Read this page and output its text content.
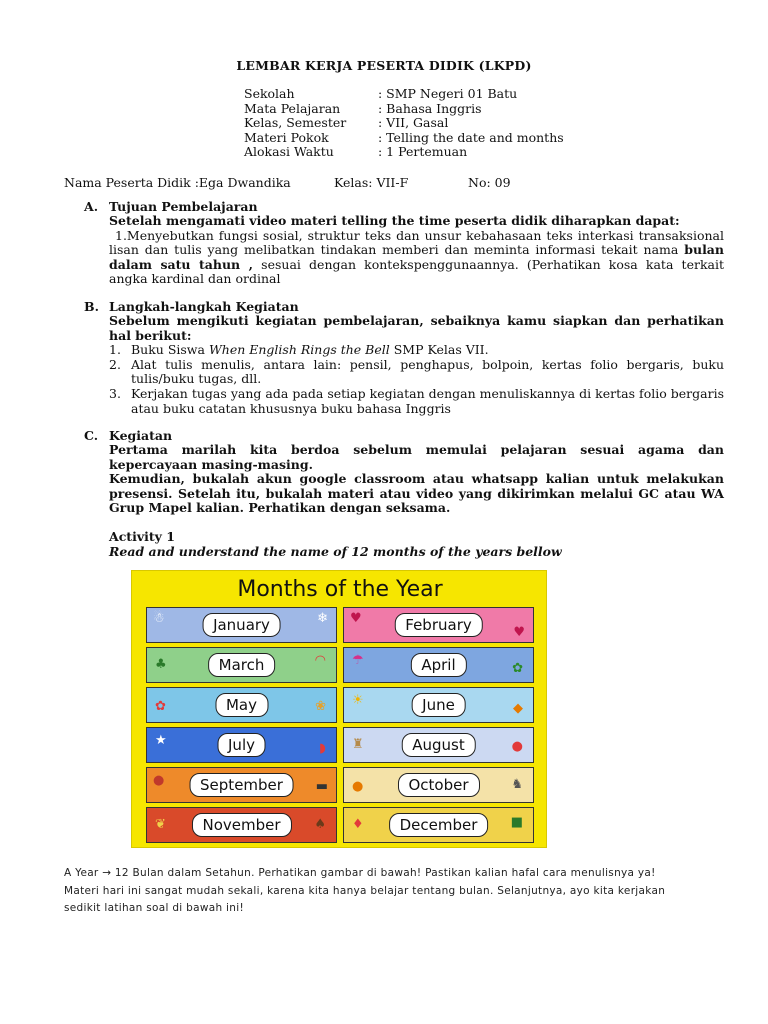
LEMBAR KERJA PESERTA DIDIK (LKPD)
Sekolah	: SMP Negeri 01 Batu
Mata Pelajaran	: Bahasa Inggris
Kelas, Semester	: VII, Gasal
Materi Pokok	: Telling the date and months
Alokasi Waktu	: 1 Pertemuan
Nama Peserta Didik :Ega Dwandika	Kelas: VII-F	No: 09
A. Tujuan Pembelajaran
Setelah mengamati video materi telling the time peserta didik diharapkan dapat:
1.Menyebutkan fungsi sosial, struktur teks dan unsur kebahasaan teks interkasi transaksional lisan dan tulis yang melibatkan tindakan memberi dan meminta informasi tekait nama bulan dalam satu tahun , sesuai dengan kontekspenggunaannya. (Perhatikan kosa kata terkait angka kardinal dan ordinal
B. Langkah-langkah Kegiatan
Sebelum mengikuti kegiatan pembelajaran, sebaiknya kamu siapkan dan perhatikan hal berikut:
1. Buku Siswa When English Rings the Bell SMP Kelas VII.
2. Alat tulis menulis, antara lain: pensil, penghapus, bolpoin, kertas folio bergaris, buku tulis/buku tugas, dll.
3. Kerjakan tugas yang ada pada setiap kegiatan dengan menuliskannya di kertas folio bergaris atau buku catatan khususnya buku bahasa Inggris
C. Kegiatan
Pertama marilah kita berdoa sebelum memulai pelajaran sesuai agama dan kepercayaan masing-masing.
Kemudian, bukalah akun google classroom atau whatsapp kalian untuk melakukan presensi. Setelah itu, bukalah materi atau video yang dikirimkan melalui GC atau WA Grup Mapel kalian. Perhatikan dengan seksama.
Activity 1
Read and understand the name of 12 months of the years bellow
Months of the Year
☃	❄
January	♥
♥
February
♣	◠
March	☂
✿
April
✿	❀
May	☀
◆
June
★
◗
July	♜	●
August
●	▬
September	●	♞
October
❦	♠
November	♦	■
December
A Year → 12 Bulan dalam Setahun. Perhatikan gambar di bawah! Pastikan kalian hafal cara menulisnya ya!
Materi hari ini sangat mudah sekali, karena kita hanya belajar tentang bulan. Selanjutnya, ayo kita kerjakan
sedikit latihan soal di bawah ini!
